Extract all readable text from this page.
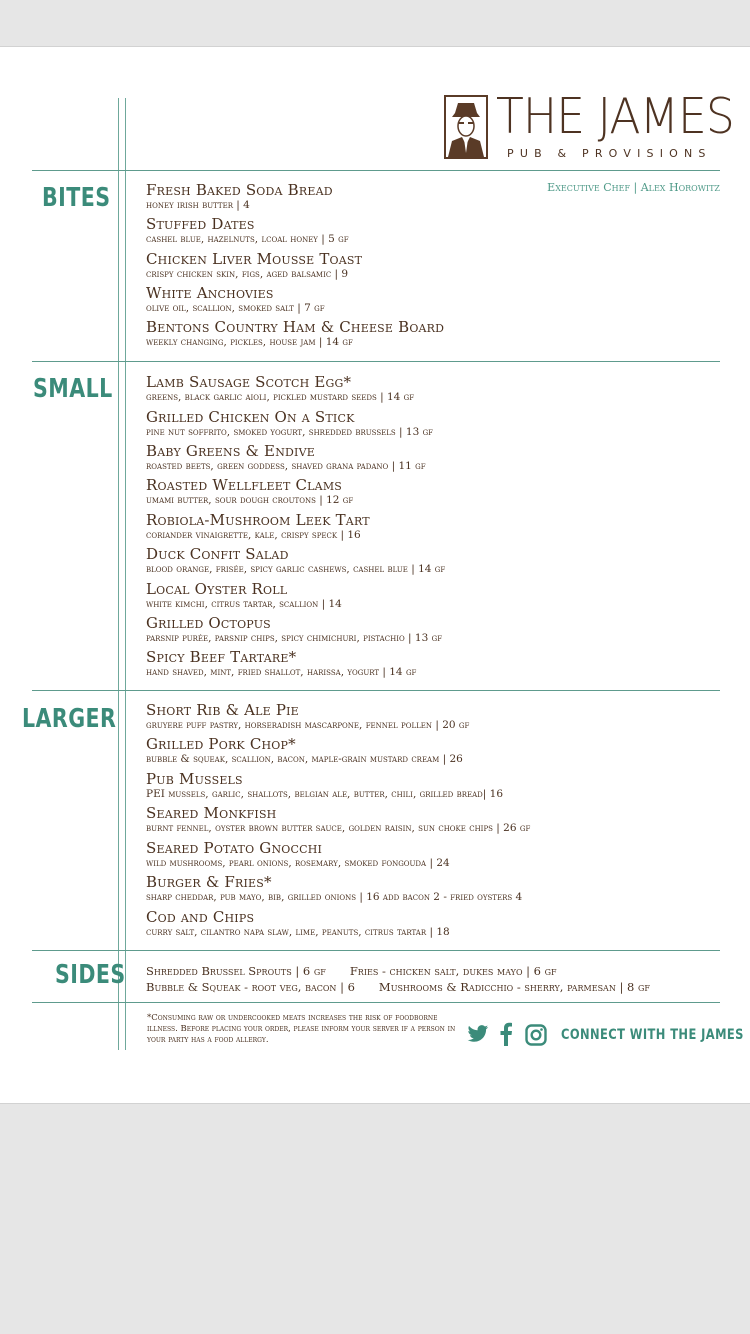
THE JAMES
PUB & PROVISIONS
Executive Chef | Alex Horowitz
BITES
SMALL
LARGER
SIDES
Fresh Baked Soda Bread
honey irish butter | 4
Stuffed Dates
cashel blue, hazelnuts, lcoal honey | 5 gf
Chicken Liver Mousse Toast
crispy chicken skin, figs, aged balsamic | 9
White Anchovies
olive oil, scallion, smoked salt | 7 gf
Bentons Country Ham & Cheese Board
weekly changing, pickles, house jam | 14 gf
Lamb Sausage Scotch Egg*
greens, black garlic aioli, pickled mustard seeds | 14 gf
Grilled Chicken On a Stick
pine nut soffrito, smoked yogurt, shredded brussels | 13 gf
Baby Greens & Endive
roasted beets, green goddess, shaved grana padano | 11 gf
Roasted Wellfleet Clams
umami butter, sour dough croutons | 12 gf
Robiola-Mushroom Leek Tart
coriander vinaigrette, kale, crispy speck | 16
Duck Confit Salad
blood orange, frisée, spicy garlic cashews, cashel blue | 14 gf
Local Oyster Roll
white kimchi, citrus tartar, scallion | 14
Grilled Octopus
parsnip purée, parsnip chips, spicy chimichuri, pistachio | 13 gf
Spicy Beef Tartare*
hand shaved, mint, fried shallot, harissa, yogurt | 14 gf
Short Rib & Ale Pie
gruyere puff pastry, horseradish mascarpone, fennel pollen | 20 gf
Grilled Pork Chop*
bubble & squeak, scallion, bacon, maple-grain mustard cream | 26
Pub Mussels
PEI mussels, garlic, shallots, belgian ale, butter, chili, grilled bread| 16
Seared Monkfish
burnt fennel, oyster brown butter sauce, golden raisin, sun choke chips | 26 gf
Seared Potato Gnocchi
wild mushrooms, pearl onions, rosemary, smoked fongouda | 24
Burger & Fries*
sharp cheddar, pub mayo, bib, grilled onions | 16 add bacon 2 - fried oysters 4
Cod and Chips
curry salt, cilantro napa slaw, lime, peanuts, citrus tartar | 18
Shredded Brussel Sprouts | 6 gf Fries - chicken salt, dukes mayo | 6 gf
Bubble & Squeak - root veg, bacon | 6 Mushrooms & Radicchio - sherry, parmesan | 8 gf
*Consuming raw or undercooked meats increases the risk of foodborne illness. Before placing your order, please inform your server if a person in your party has a food allergy.	CONNECT WITH THE JAMES
